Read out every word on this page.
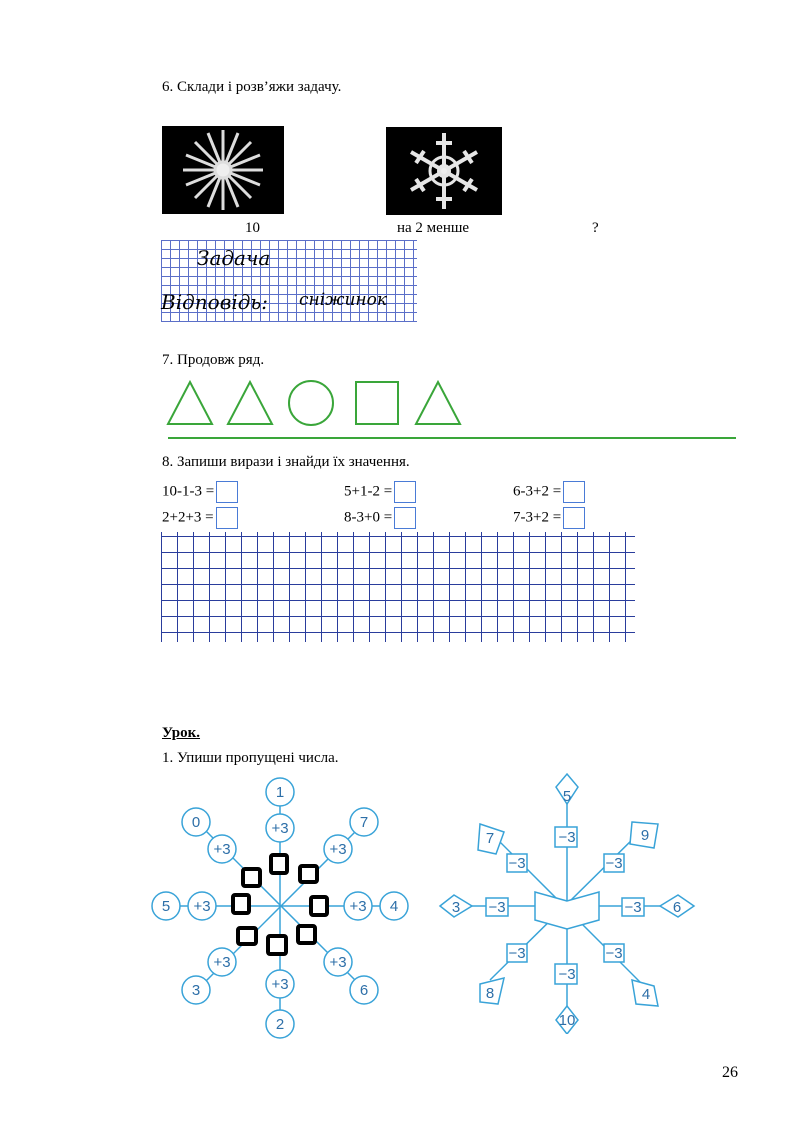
6. Склади і розв’яжи задачу.
10	на 2 менше	?
Задача
Відповідь: сніжинок
7. Продовж ряд.
8. Запиши вирази і знайди їх значення.
10-1-3 =	5+1-2 =	6-3+2 =
2+2+3 =	8-3+0 =	7-3+2 =
Урок.
1. Упиши пропущені числа.
1
2
5	4
0	7
3	6
+3
+3
+3	+3
+3	+3
+3	+3
5
10
3	6
7	9
8	4
−3
−3
−3	−3
−3	−3
−3	−3
26
